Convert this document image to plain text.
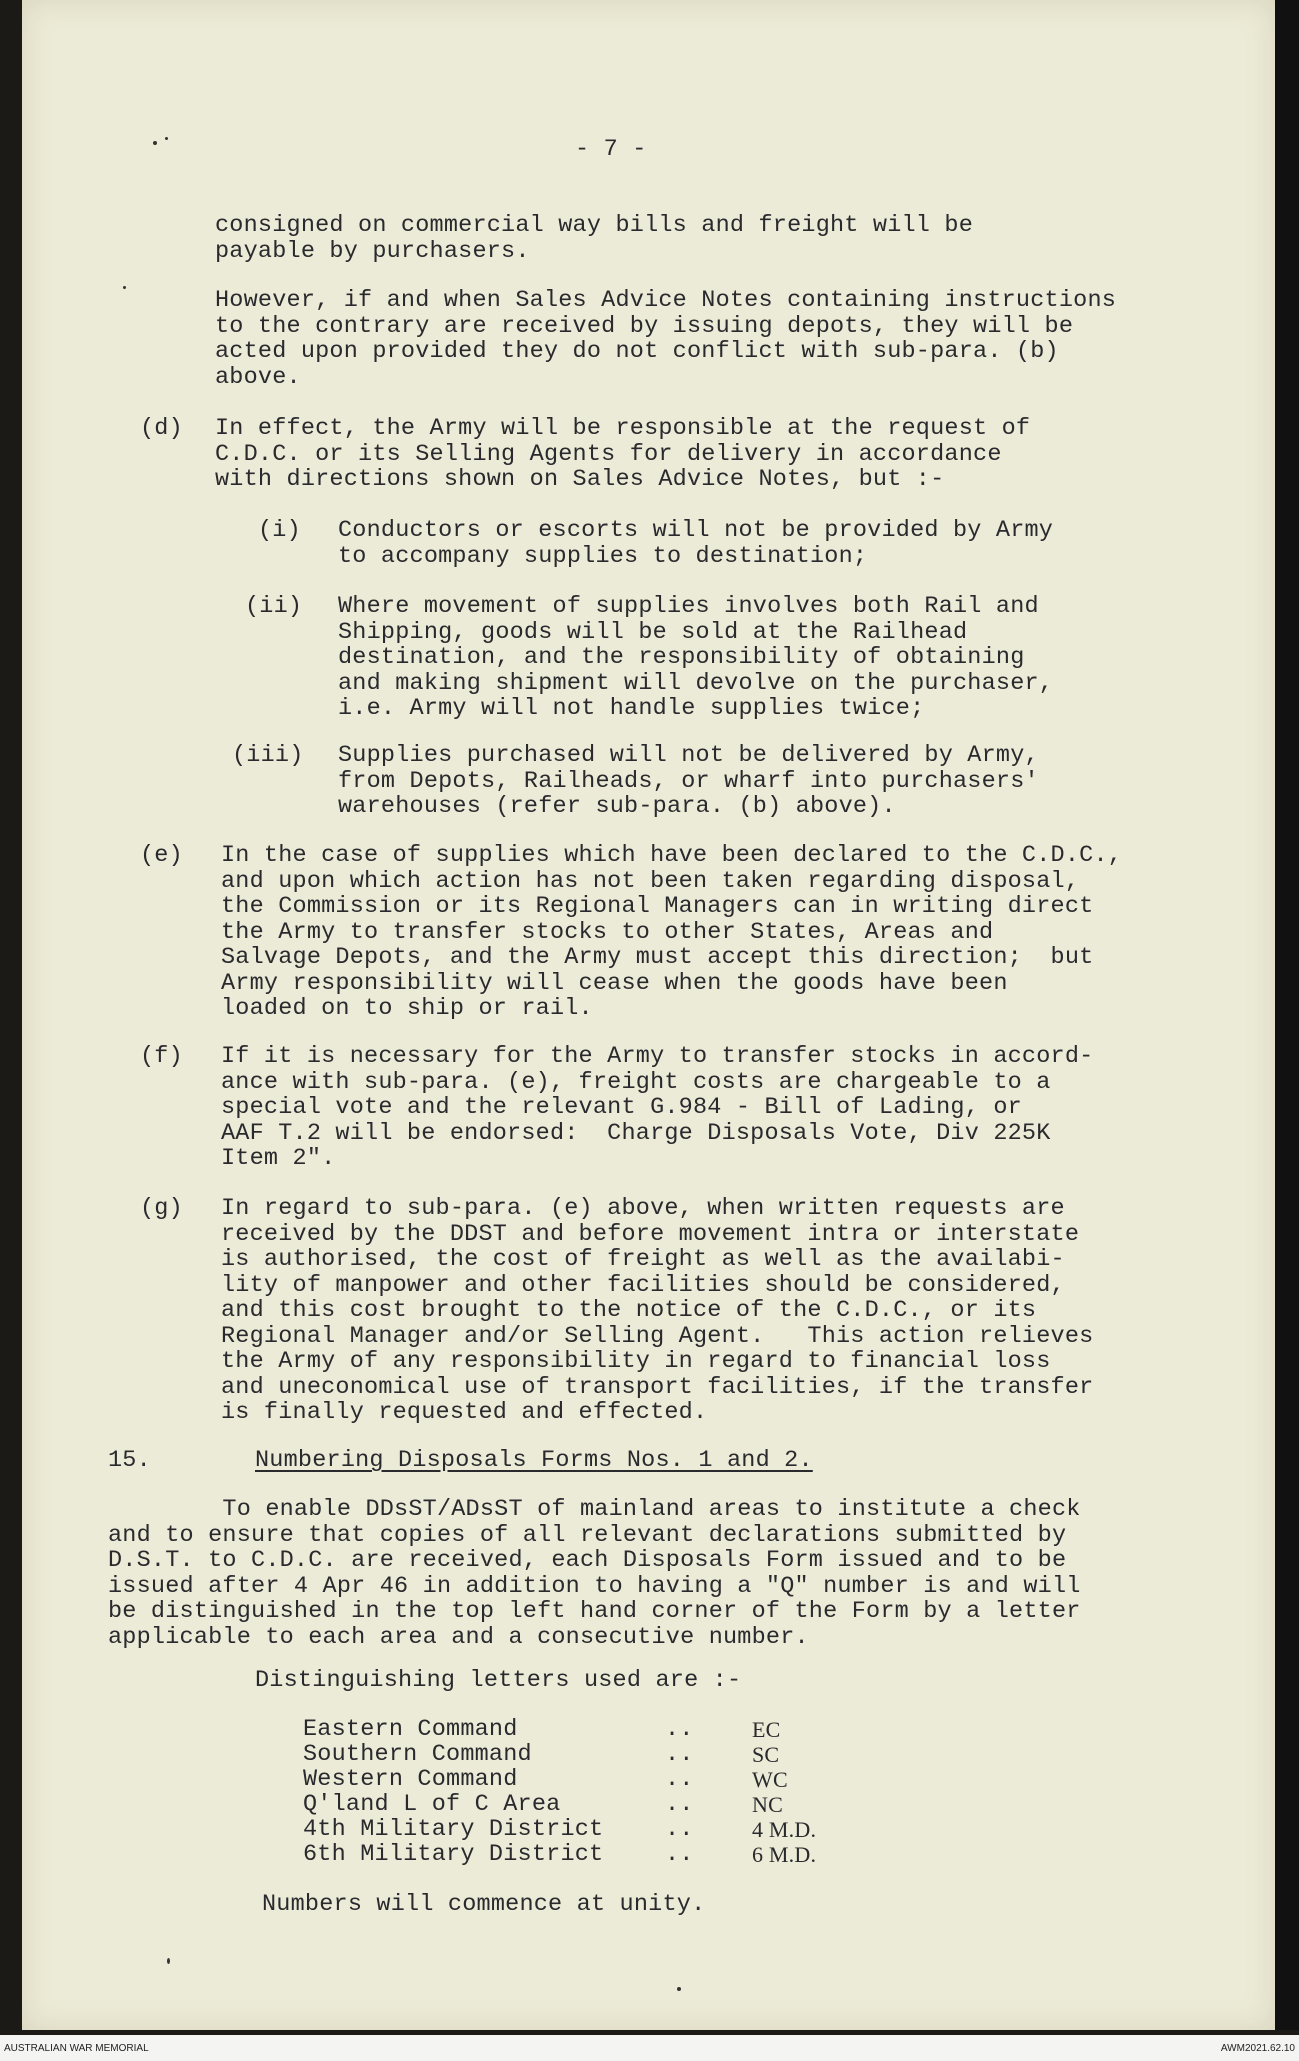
- 7 -

consigned on commercial way bills and freight will be
payable by purchasers.

However, if and when Sales Advice Notes containing instructions
to the contrary are received by issuing depots, they will be
acted upon provided they do not conflict with sub-para. (b)
above.

(d) In effect, the Army will be responsible at the request of
C.D.C. or its Selling Agents for delivery in accordance
with directions shown on Sales Advice Notes, but :-

(i) Conductors or escorts will not be provided by Army
to accompany supplies to destination;

(ii) Where movement of supplies involves both Rail and
Shipping, goods will be sold at the Railhead
destination, and the responsibility of obtaining
and making shipment will devolve on the purchaser,
i.e. Army will not handle supplies twice;

(iii) Supplies purchased will not be delivered by Army,
from Depots, Railheads, or wharf into purchasers'
warehouses (refer sub-para. (b) above).

(e) In the case of supplies which have been declared to the C.D.C.,
and upon which action has not been taken regarding disposal,
the Commission or its Regional Managers can in writing direct
the Army to transfer stocks to other States, Areas and
Salvage Depots, and the Army must accept this direction;  but
Army responsibility will cease when the goods have been
loaded on to ship or rail.

(f) If it is necessary for the Army to transfer stocks in accord-
ance with sub-para. (e), freight costs are chargeable to a
special vote and the relevant G.984 - Bill of Lading, or
AAF T.2 will be endorsed:  Charge Disposals Vote, Div 225K
Item 2".

(g) In regard to sub-para. (e) above, when written requests are
received by the DDST and before movement intra or interstate
is authorised, the cost of freight as well as the availabi-
lity of manpower and other facilities should be considered,
and this cost brought to the notice of the C.D.C., or its
Regional Manager and/or Selling Agent.   This action relieves
the Army of any responsibility in regard to financial loss
and uneconomical use of transport facilities, if the transfer
is finally requested and effected.

15.	Numbering Disposals Forms Nos. 1 and 2.

To enable DDsST/ADsST of mainland areas to institute a check
and to ensure that copies of all relevant declarations submitted by
D.S.T. to C.D.C. are received, each Disposals Form issued and to be
issued after 4 Apr 46 in addition to having a "Q" number is and will
be distinguished in the top left hand corner of the Form by a letter
applicable to each area and a consecutive number.

Distinguishing letters used are :-

Eastern Command	..	EC

Southern Command	..	SC

Western Command	..	WC

Q'land L of C Area	..	NC

4th Military District	..	4 M.D.

6th Military District	..	6 M.D.

Numbers will commence at unity.

AUSTRALIAN WAR MEMORIAL	AWM2021.62.10
